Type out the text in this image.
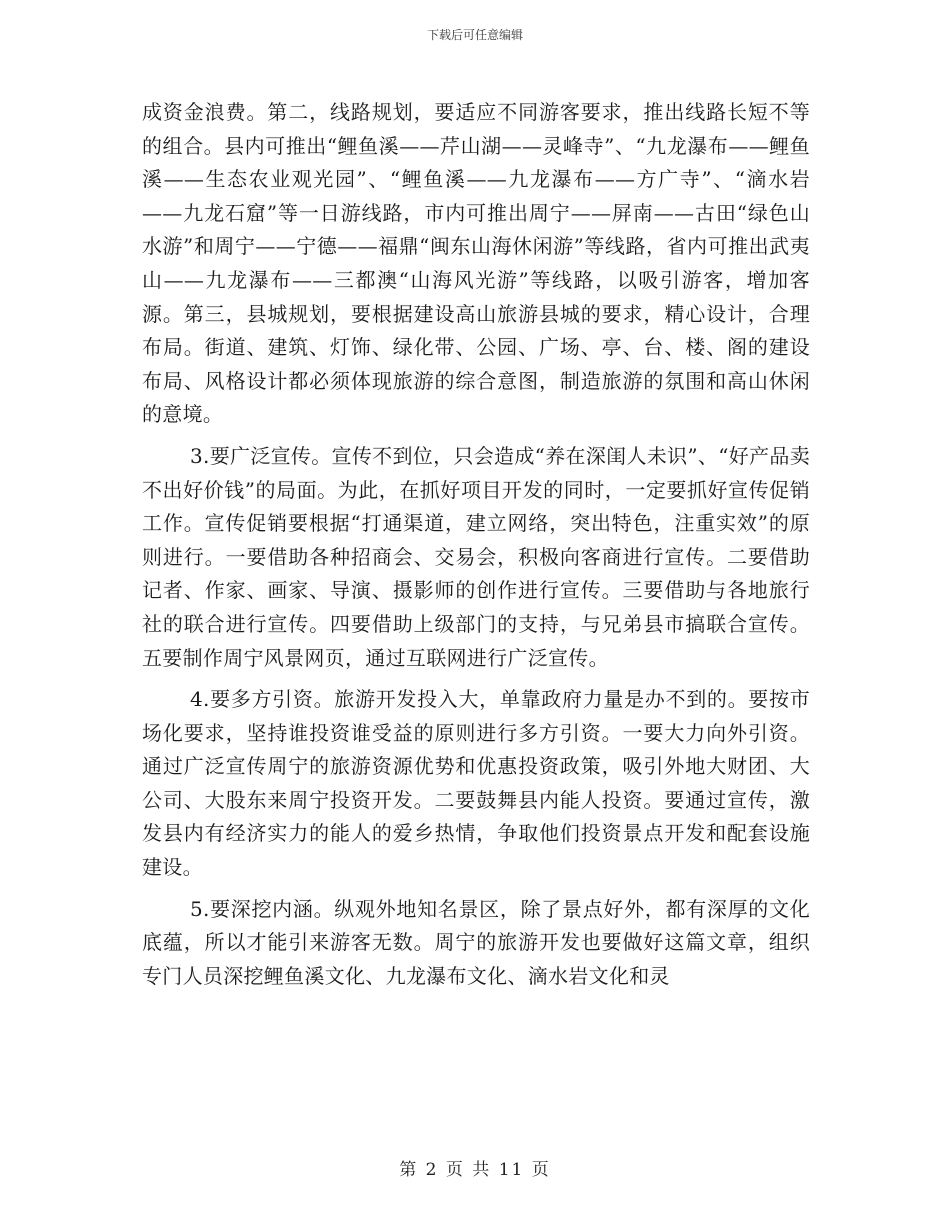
下载后可任意编辑

成资金浪费。第二，线路规划，要适应不同游客要求，推出线路长短不等的组合。县内可推出“鲤鱼溪——芹山湖——灵峰寺”、“九龙瀑布——鲤鱼溪——生态农业观光园”、“鲤鱼溪——九龙瀑布——方广寺”、“滴水岩——九龙石窟”等一日游线路，市内可推出周宁——屏南——古田“绿色山水游”和周宁——宁德——福鼎“闽东山海休闲游”等线路，省内可推出武夷山——九龙瀑布——三都澳“山海风光游”等线路，以吸引游客，增加客源。第三，县城规划，要根据建设高山旅游县城的要求，精心设计，合理布局。街道、建筑、灯饰、绿化带、公园、广场、亭、台、楼、阁的建设布局、风格设计都必须体现旅游的综合意图，制造旅游的氛围和高山休闲的意境。

3.要广泛宣传。宣传不到位，只会造成“养在深闺人未识”、“好产品卖不出好价钱”的局面。为此，在抓好项目开发的同时，一定要抓好宣传促销工作。宣传促销要根据“打通渠道，建立网络，突出特色，注重实效”的原则进行。一要借助各种招商会、交易会，积极向客商进行宣传。二要借助记者、作家、画家、导演、摄影师的创作进行宣传。三要借助与各地旅行社的联合进行宣传。四要借助上级部门的支持，与兄弟县市搞联合宣传。五要制作周宁风景网页，通过互联网进行广泛宣传。

4.要多方引资。旅游开发投入大，单靠政府力量是办不到的。要按市场化要求，坚持谁投资谁受益的原则进行多方引资。一要大力向外引资。通过广泛宣传周宁的旅游资源优势和优惠投资政策，吸引外地大财团、大公司、大股东来周宁投资开发。二要鼓舞县内能人投资。要通过宣传，激发县内有经济实力的能人的爱乡热情，争取他们投资景点开发和配套设施建设。

5.要深挖内涵。纵观外地知名景区，除了景点好外，都有深厚的文化底蕴，所以才能引来游客无数。周宁的旅游开发也要做好这篇文章，组织专门人员深挖鲤鱼溪文化、九龙瀑布文化、滴水岩文化和灵

第 2 页 共 11 页
